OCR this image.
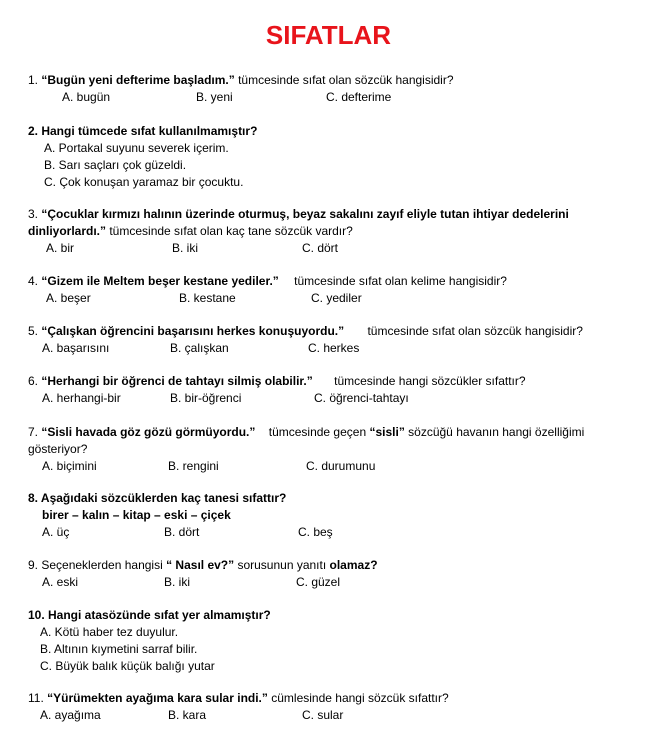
SIFATLAR
1. “Bugün yeni defterime başladım.” tümcesinde sıfat olan sözcük hangisidir?
A. bugün	B. yeni	C. defterime
2. Hangi tümcede sıfat kullanılmamıştır?
A. Portakal suyunu severek içerim.
B. Sarı saçları çok güzeldi.
C. Çok konuşan yaramaz bir çocuktu.
3. “Çocuklar kırmızı halının üzerinde oturmuş, beyaz sakalını zayıf eliyle tutan ihtiyar dedelerini
dinliyorlardı.” tümcesinde sıfat olan kaç tane sözcük vardır?
A. bir	B. iki	C. dört
4. “Gizem ile Meltem beşer kestane yediler.” tümcesinde sıfat olan kelime hangisidir?
A. beşer	B. kestane	C. yediler
5. “Çalışkan öğrencini başarısını herkes konuşuyordu.” tümcesinde sıfat olan sözcük hangisidir?
A. başarısını	B. çalışkan	C. herkes
6. “Herhangi bir öğrenci de tahtayı silmiş olabilir.” tümcesinde hangi sözcükler sıfattır?
A. herhangi-bir	B. bir-öğrenci	C. öğrenci-tahtayı
7. “Sisli havada göz gözü görmüyordu.” tümcesinde geçen “sisli” sözcüğü havanın hangi özelliğimi
gösteriyor?
A. biçimini	B. rengini	C. durumunu
8. Aşağıdaki sözcüklerden kaç tanesi sıfattır?
birer – kalın – kitap – eski – çiçek
A. üç	B. dört	C. beş
9. Seçeneklerden hangisi “ Nasıl ev?” sorusunun yanıtı olamaz?
A. eski	B. iki	C. güzel
10. Hangi atasözünde sıfat yer almamıştır?
A. Kötü haber tez duyulur.
B. Altının kıymetini sarraf bilir.
C. Büyük balık küçük balığı yutar
11. “Yürümekten ayağıma kara sular indi.” cümlesinde hangi sözcük sıfattır?
A. ayağıma	B. kara	C. sular
